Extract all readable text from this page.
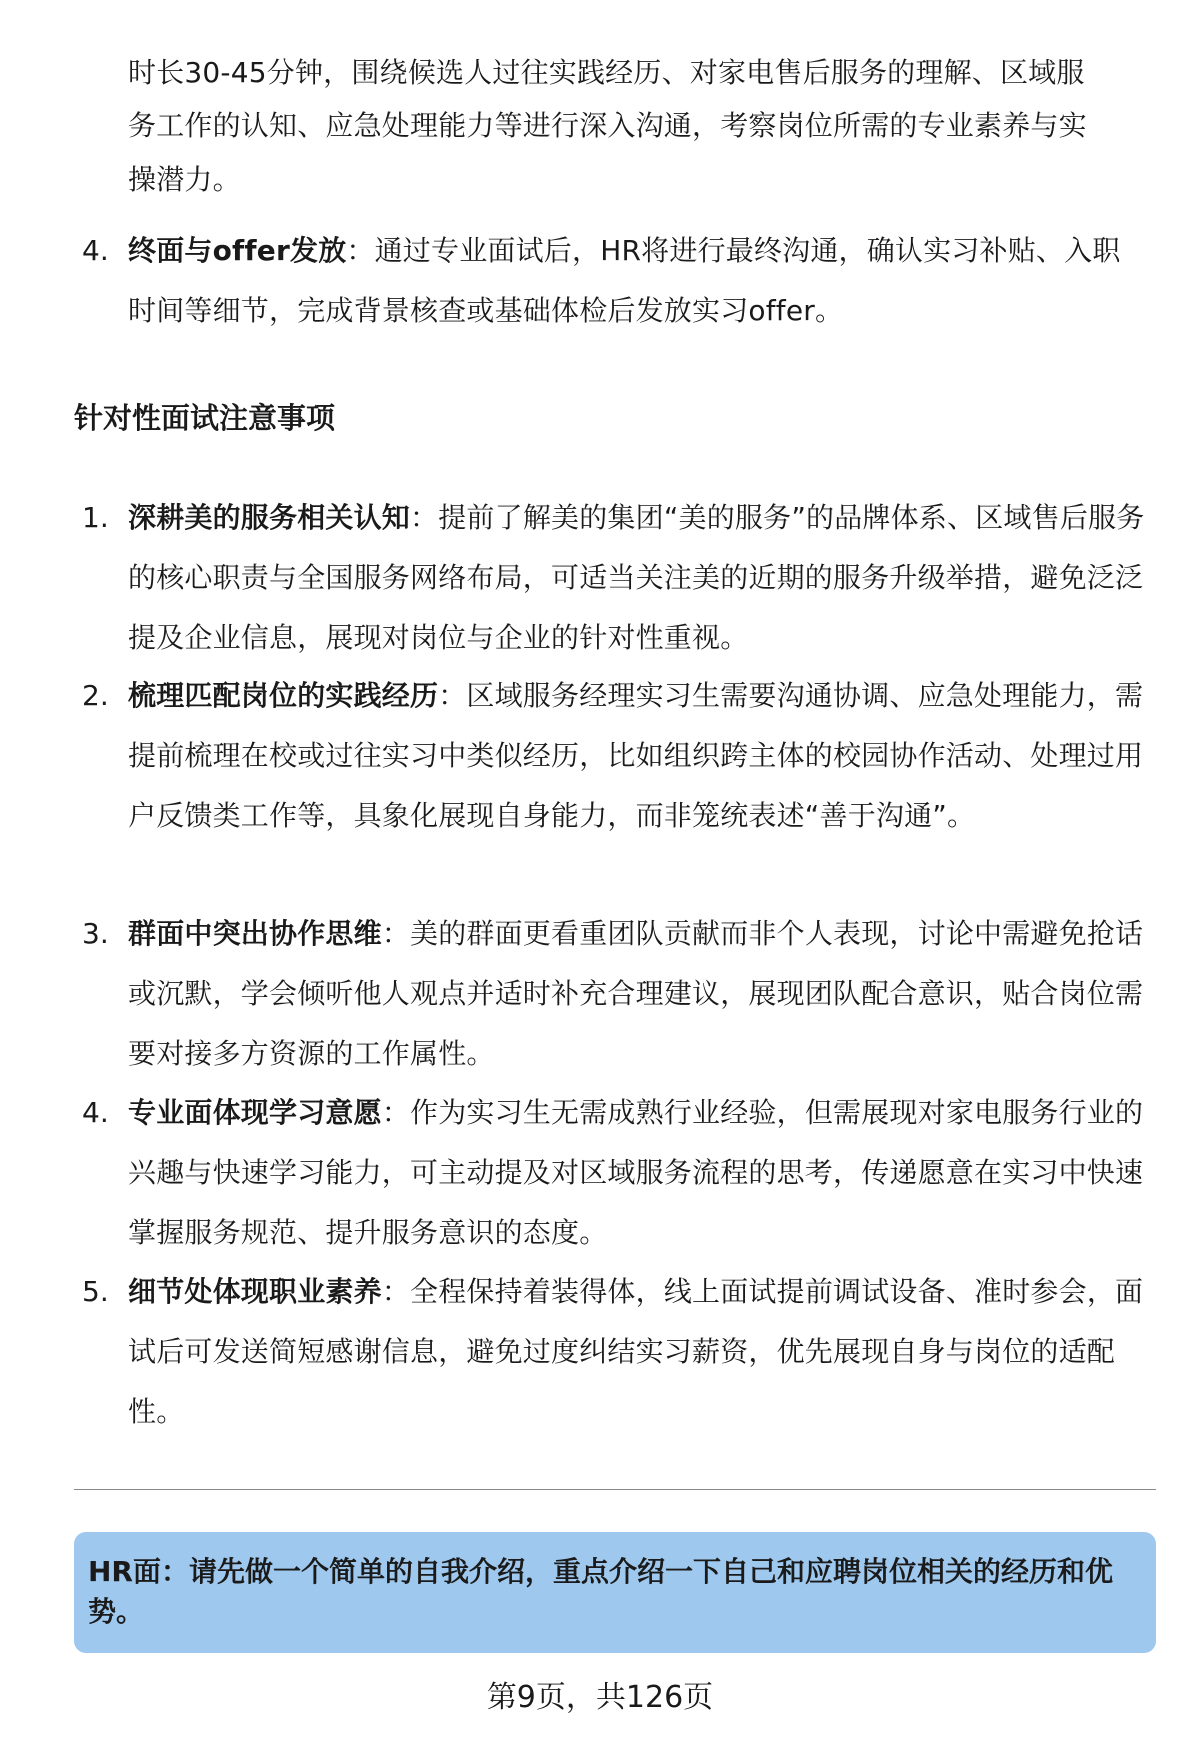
时长30-45分钟，围绕候选人过往实践经历、对家电售后服务的理解、区域服
务工作的认知、应急处理能力等进行深入沟通，考察岗位所需的专业素养与实
操潜力。
4. 终面与offer发放：通过专业面试后，HR将进行最终沟通，确认实习补贴、入职时间等细节，完成背景核查或基础体检后发放实习offer。
针对性面试注意事项
1. 深耕美的服务相关认知：提前了解美的集团“美的服务”的品牌体系、区域售后服务的核心职责与全国服务网络布局，可适当关注美的近期的服务升级举措，避免泛泛提及企业信息，展现对岗位与企业的针对性重视。
2. 梳理匹配岗位的实践经历：区域服务经理实习生需要沟通协调、应急处理能力，需提前梳理在校或过往实习中类似经历，比如组织跨主体的校园协作活动、处理过用户反馈类工作等，具象化展现自身能力，而非笼统表述“善于沟通”。
3. 群面中突出协作思维：美的群面更看重团队贡献而非个人表现，讨论中需避免抢话或沉默，学会倾听他人观点并适时补充合理建议，展现团队配合意识，贴合岗位需要对接多方资源的工作属性。
4. 专业面体现学习意愿：作为实习生无需成熟行业经验，但需展现对家电服务行业的兴趣与快速学习能力，可主动提及对区域服务流程的思考，传递愿意在实习中快速掌握服务规范、提升服务意识的态度。
5. 细节处体现职业素养：全程保持着装得体，线上面试提前调试设备、准时参会，面试后可发送简短感谢信息，避免过度纠结实习薪资，优先展现自身与岗位的适配性。
HR面：请先做一个简单的自我介绍，重点介绍一下自己和应聘岗位相关的经历和优势。
第9页，共126页
